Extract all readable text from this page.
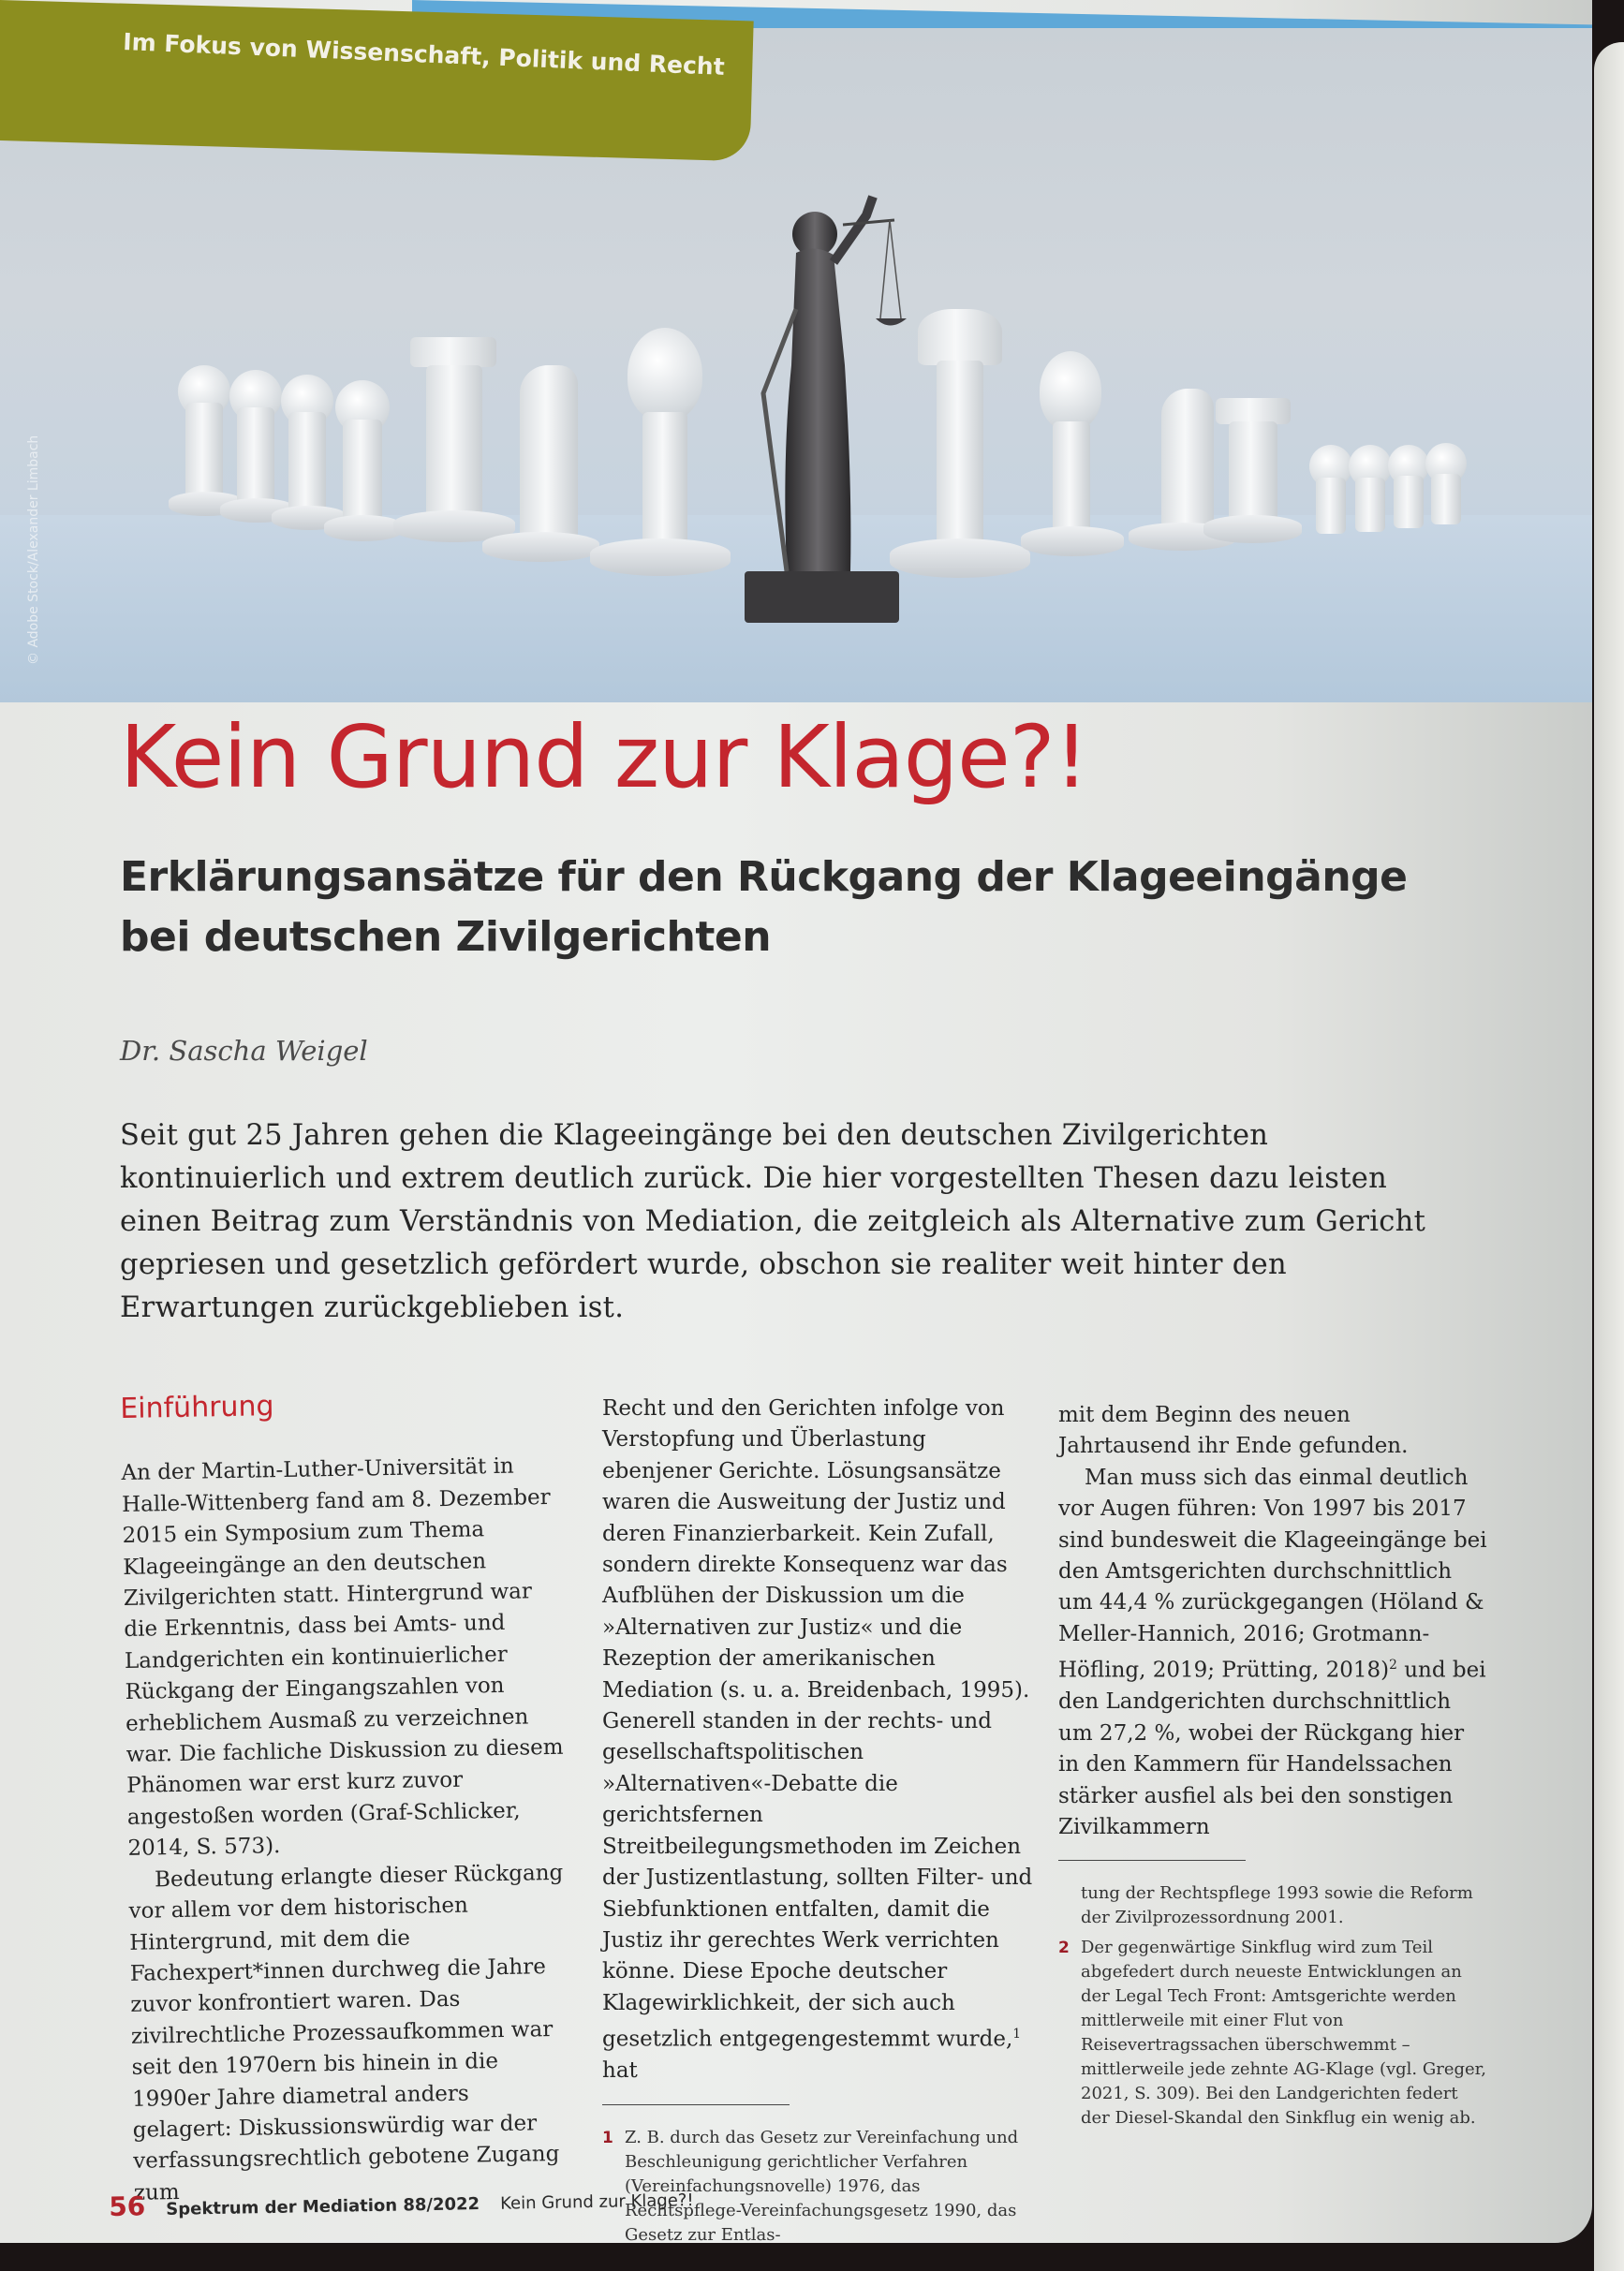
© Adobe Stock/Alexander Limbach
Im Fokus von Wissenschaft, Politik und Recht
Kein Grund zur Klage?!
Erklärungsansätze für den Rückgang der Klageeingänge bei deutschen Zivilgerichten
Dr. Sascha Weigel

Seit gut 25 Jahren gehen die Klageeingänge bei den deutschen Zivilgerichten kontinuierlich und extrem deutlich zurück. Die hier vorgestellten Thesen dazu leisten einen Beitrag zum Verständnis von Mediation, die zeitgleich als Alternative zum Gericht gepriesen und gesetzlich gefördert wurde, obschon sie realiter weit hinter den Erwartungen zurückgeblieben ist.

Einführung

An der Martin-Luther-Universität in Halle-Wittenberg fand am 8. Dezember 2015 ein Symposium zum Thema Klageeingänge an den deutschen Zivilgerichten statt. Hintergrund war die Erkenntnis, dass bei Amts- und Landgerichten ein kontinuierlicher Rückgang der Eingangszahlen von erheblichem Ausmaß zu verzeichnen war. Die fachliche Diskussion zu diesem Phänomen war erst kurz zuvor angestoßen worden (Graf-Schlicker, 2014, S. 573).

Bedeutung erlangte dieser Rückgang vor allem vor dem historischen Hintergrund, mit dem die Fachexpert*innen durchweg die Jahre zuvor konfrontiert waren. Das zivilrechtliche Prozessaufkommen war seit den 1970ern bis hinein in die 1990er Jahre diametral anders gelagert: Diskussionswürdig war der verfassungsrechtlich gebotene Zugang zum

Recht und den Gerichten infolge von Verstopfung und Überlastung ebenjener Gerichte. Lösungsansätze waren die Ausweitung der Justiz und deren Finanzierbarkeit. Kein Zufall, sondern direkte Konsequenz war das Aufblühen der Diskussion um die »Alternativen zur Justiz« und die Rezeption der amerikanischen Mediation (s. u. a. Breidenbach, 1995). Generell standen in der rechts- und gesellschaftspolitischen »Alternativen«-Debatte die gerichtsfernen Streitbeilegungsmethoden im Zeichen der Justizentlastung, sollten Filter- und Siebfunktionen entfalten, damit die Justiz ihr gerechtes Werk verrichten könne. Diese Epoche deutscher Klagewirklichkeit, der sich auch gesetzlich entgegengestemmt wurde,$^1$ hat

1 Z. B. durch das Gesetz zur Vereinfachung und Beschleunigung gerichtlicher Verfahren (Vereinfachungsnovelle) 1976, das Rechtspflege-Vereinfachungsgesetz 1990, das Gesetz zur Entlas-

mit dem Beginn des neuen Jahrtausend ihr Ende gefunden.

Man muss sich das einmal deutlich vor Augen führen: Von 1997 bis 2017 sind bundesweit die Klageeingänge bei den Amtsgerichten durchschnittlich um 44,4 % zurückgegangen (Höland & Meller-Hannich, 2016; Grotmann-Höfling, 2019; Prütting, 2018)$^2$ und bei den Landgerichten durchschnittlich um 27,2 %, wobei der Rückgang hier in den Kammern für Handelssachen stärker ausfiel als bei den sonstigen Zivilkammern

tung der Rechtspflege 1993 sowie die Reform der Zivilprozessordnung 2001.
2 Der gegenwärtige Sinkflug wird zum Teil abgefedert durch neueste Entwicklungen an der Legal Tech Front: Amtsgerichte werden mittlerweile mit einer Flut von Reisevertragssachen überschwemmt – mittlerweile jede zehnte AG-Klage (vgl. Greger, 2021, S. 309). Bei den Landgerichten federt der Diesel-Skandal den Sinkflug ein wenig ab.
56 Spektrum der Mediation 88/2022 Kein Grund zur Klage?!
